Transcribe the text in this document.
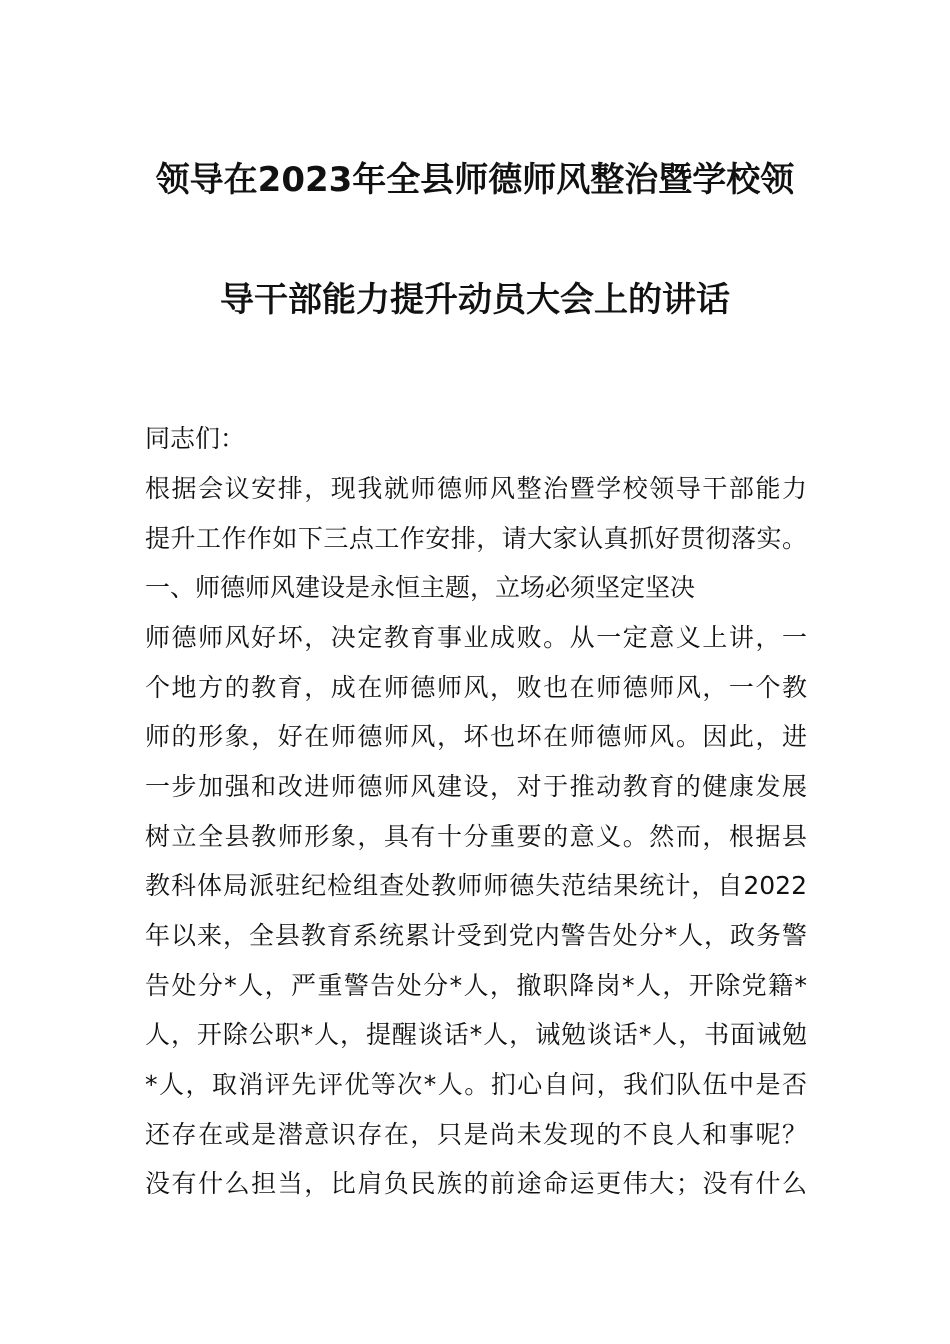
领导在2023年全县师德师风整治暨学校领
导干部能力提升动员大会上的讲话
同志们：
根据会议安排，现我就师德师风整治暨学校领导干部能力
提升工作作如下三点工作安排，请大家认真抓好贯彻落实。
一、师德师风建设是永恒主题，立场必须坚定坚决
师德师风好坏，决定教育事业成败。从一定意义上讲，一
个地方的教育，成在师德师风，败也在师德师风，一个教
师的形象，好在师德师风，坏也坏在师德师风。因此，进
一步加强和改进师德师风建设，对于推动教育的健康发展
树立全县教师形象，具有十分重要的意义。然而，根据县
教科体局派驻纪检组查处教师师德失范结果统计，自2022
年以来，全县教育系统累计受到党内警告处分*人，政务警
告处分*人，严重警告处分*人，撤职降岗*人，开除党籍*
人，开除公职*人，提醒谈话*人，诫勉谈话*人，书面诫勉
*人，取消评先评优等次*人。扪心自问，我们队伍中是否
还存在或是潜意识存在，只是尚未发现的不良人和事呢？
没有什么担当，比肩负民族的前途命运更伟大；没有什么
